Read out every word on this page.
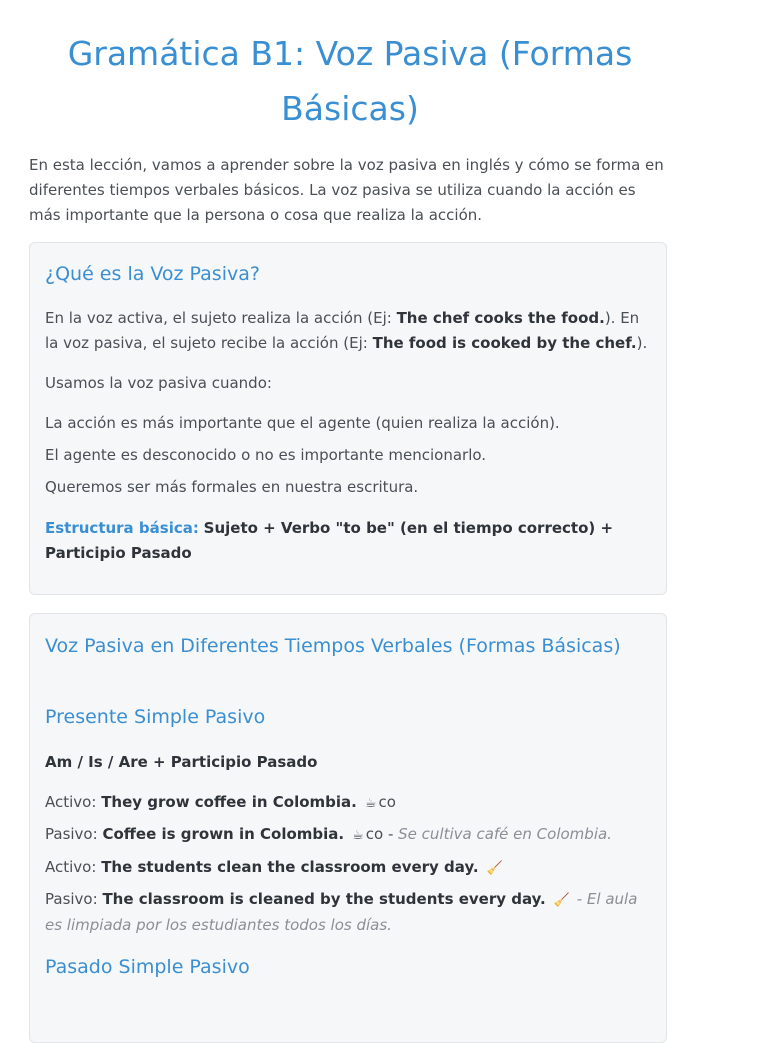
Gramática B1: Voz Pasiva (Formas Básicas)

En esta lección, vamos a aprender sobre la voz pasiva en inglés y cómo se forma en diferentes tiempos verbales básicos. La voz pasiva se utiliza cuando la acción es más importante que la persona o cosa que realiza la acción.

¿Qué es la Voz Pasiva?

En la voz activa, el sujeto realiza la acción (Ej: The chef cooks the food.). En la voz pasiva, el sujeto recibe la acción (Ej: The food is cooked by the chef.).

Usamos la voz pasiva cuando:

La acción es más importante que el agente (quien realiza la acción).

El agente es desconocido o no es importante mencionarlo.

Queremos ser más formales en nuestra escritura.

Estructura básica: Sujeto + Verbo "to be" (en el tiempo correcto) + Participio Pasado

Voz Pasiva en Diferentes Tiempos Verbales (Formas Básicas)
Presente Simple Pasivo

Am / Is / Are + Participio Pasado

Activo: They grow coffee in Colombia. ☕ co

Pasivo: Coffee is grown in Colombia. ☕ co - Se cultiva café en Colombia.

Activo: The students clean the classroom every day. 🧹

Pasivo: The classroom is cleaned by the students every day. 🧹 - El aula es limpiada por los estudiantes todos los días.

Pasado Simple Pasivo
